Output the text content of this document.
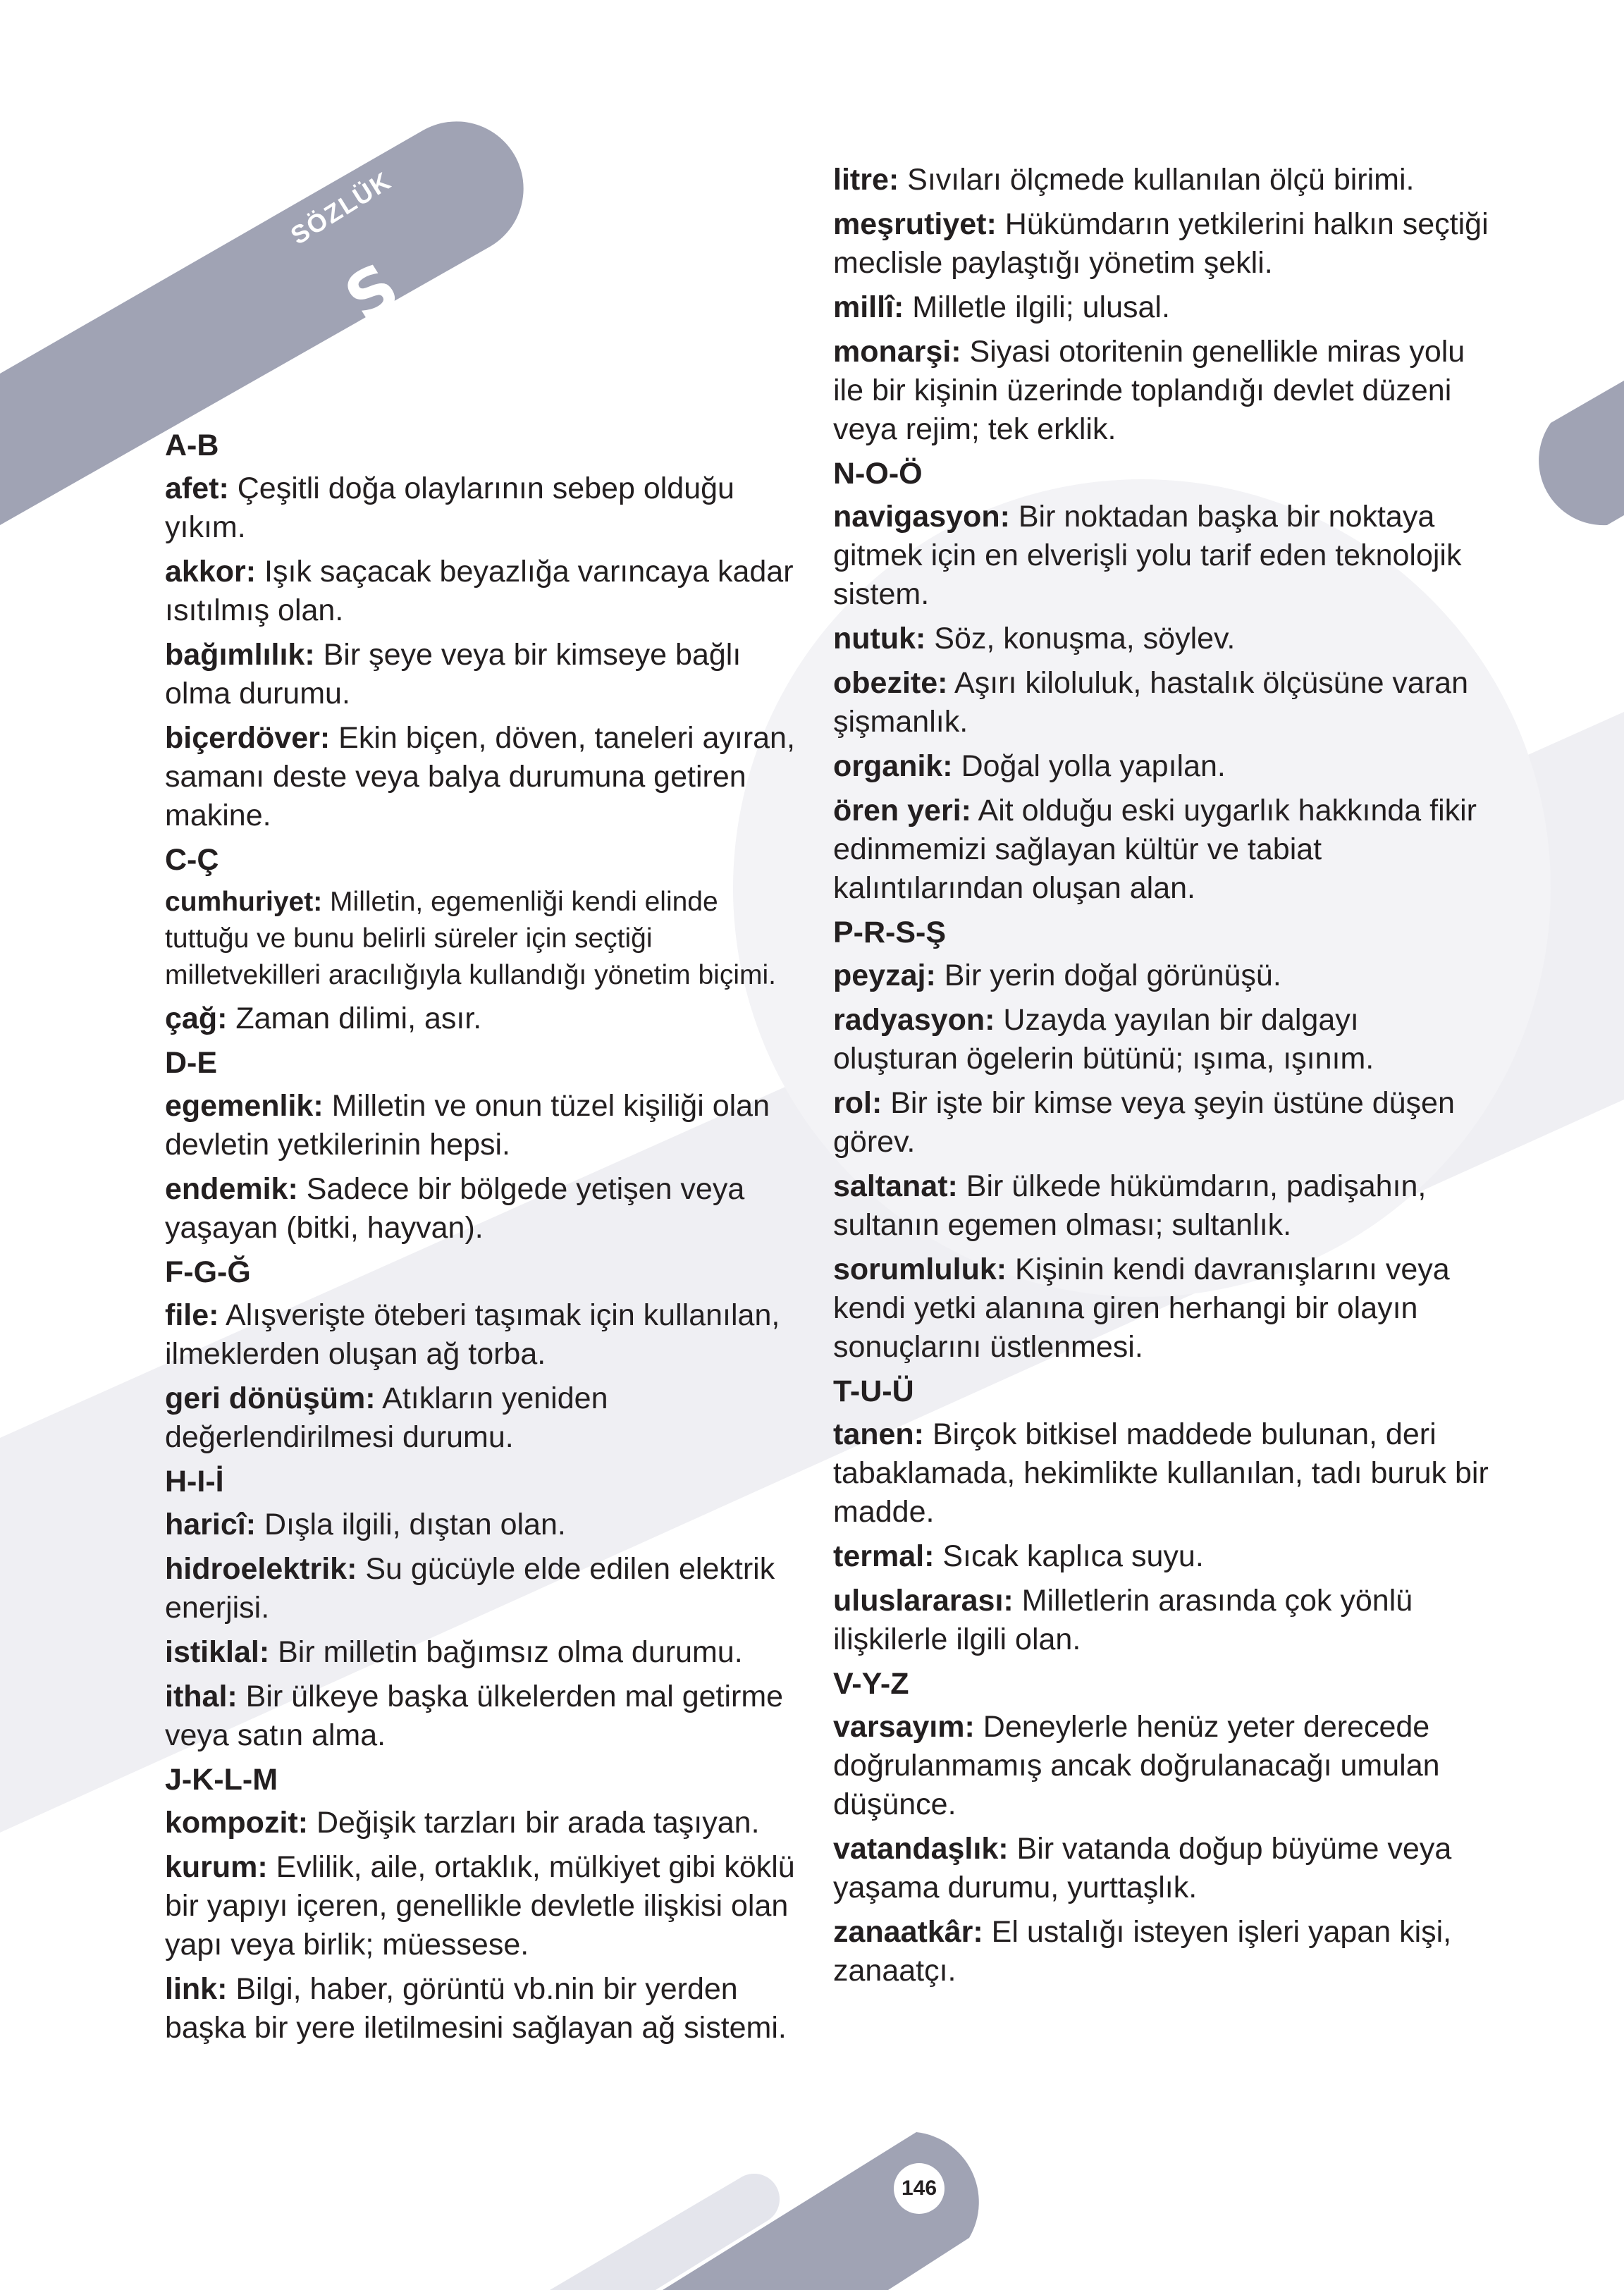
SÖZLÜK
S
A-B
afet: Çeşitli doğa olaylarının sebep olduğu yıkım.
akkor: Işık saçacak beyazlığa varıncaya kadar ısıtılmış olan.
bağımlılık: Bir şeye veya bir kimseye bağlı olma durumu.
biçerdöver: Ekin biçen, döven, taneleri ayıran, samanı deste veya balya durumuna getiren makine.
C-Ç
cumhuriyet: Milletin, egemenliği kendi elinde tuttuğu ve bunu belirli süreler için seçtiği milletvekilleri aracılığıyla kullandığı yönetim biçimi.
çağ: Zaman dilimi, asır.
D-E
egemenlik: Milletin ve onun tüzel kişiliği olan devletin yetkilerinin hepsi.
endemik: Sadece bir bölgede yetişen veya yaşayan (bitki, hayvan).
F-G-Ğ
file: Alışverişte öteberi taşımak için kullanılan, ilmeklerden oluşan ağ torba.
geri dönüşüm: Atıkların yeniden değerlendirilmesi durumu.
H-I-İ
haricî: Dışla ilgili, dıştan olan.
hidroelektrik: Su gücüyle elde edilen elektrik enerjisi.
istiklal: Bir milletin bağımsız olma durumu.
ithal: Bir ülkeye başka ülkelerden mal getirme veya satın alma.
J-K-L-M
kompozit: Değişik tarzları bir arada taşıyan.
kurum: Evlilik, aile, ortaklık, mülkiyet gibi köklü bir yapıyı içeren, genellikle devletle ilişkisi olan yapı veya birlik; müessese.
link: Bilgi, haber, görüntü vb.nin bir yerden başka bir yere iletilmesini sağlayan ağ sistemi.
litre: Sıvıları ölçmede kullanılan ölçü birimi.
meşrutiyet: Hükümdarın yetkilerini halkın seçtiği meclisle paylaştığı yönetim şekli.
millî: Milletle ilgili; ulusal.
monarşi: Siyasi otoritenin genellikle miras yolu ile bir kişinin üzerinde toplandığı devlet düzeni veya rejim; tek erklik.
N-O-Ö
navigasyon: Bir noktadan başka bir noktaya gitmek için en elverişli yolu tarif eden teknolojik sistem.
nutuk: Söz, konuşma, söylev.
obezite: Aşırı kiloluluk, hastalık ölçüsüne varan şişmanlık.
organik: Doğal yolla yapılan.
ören yeri: Ait olduğu eski uygarlık hakkında fikir edinmemizi sağlayan kültür ve tabiat kalıntılarından oluşan alan.
P-R-S-Ş
peyzaj: Bir yerin doğal görünüşü.
radyasyon: Uzayda yayılan bir dalgayı oluşturan ögelerin bütünü; ışıma, ışınım.
rol: Bir işte bir kimse veya şeyin üstüne düşen görev.
saltanat: Bir ülkede hükümdarın, padişahın, sultanın egemen olması; sultanlık.
sorumluluk: Kişinin kendi davranışlarını veya kendi yetki alanına giren herhangi bir olayın sonuçlarını üstlenmesi.
T-U-Ü
tanen: Birçok bitkisel maddede bulunan, deri tabaklamada, hekimlikte kullanılan, tadı buruk bir madde.
termal: Sıcak kaplıca suyu.
uluslararası: Milletlerin arasında çok yönlü ilişkilerle ilgili olan.
V-Y-Z
varsayım: Deneylerle henüz yeter derecede doğrulanmamış ancak doğrulanacağı umulan düşünce.
vatandaşlık: Bir vatanda doğup büyüme veya yaşama durumu, yurttaşlık.
zanaatkâr: El ustalığı isteyen işleri yapan kişi, zanaatçı.
146
